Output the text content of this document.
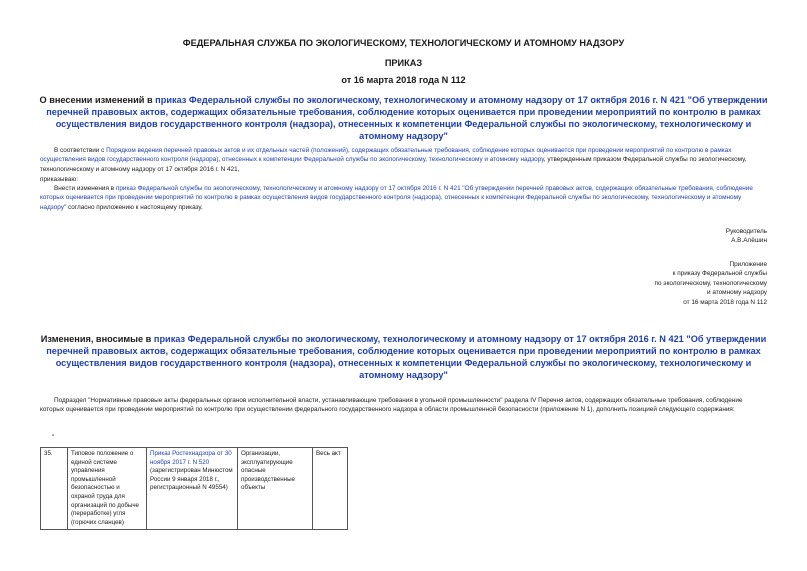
ФЕДЕРАЛЬНАЯ СЛУЖБА ПО ЭКОЛОГИЧЕСКОМУ, ТЕХНОЛОГИЧЕСКОМУ И АТОМНОМУ НАДЗОРУ
ПРИКАЗ
от 16 марта 2018 года N 112
О внесении изменений в приказ Федеральной службы по экологическому, технологическому и атомному надзору от 17 октября 2016 г. N 421 "Об утверждении перечней правовых актов, содержащих обязательные требования, соблюдение которых оценивается при проведении мероприятий по контролю в рамках осуществления видов государственного контроля (надзора), отнесенных к компетенции Федеральной службы по экологическому, технологическому и атомному надзору"
В соответствии с Порядком ведения перечней правовых актов и их отдельных частей (положений), содержащих обязательные требования, соблюдение которых оценивается при проведении мероприятий по контролю в рамках осуществления видов государственного контроля (надзора), отнесенных к компетенции Федеральной службы по экологическому, технологическому и атомному надзору, утвержденным приказом Федеральной службы по экологическому, технологическому и атомному надзору от 17 октября 2016 г. N 421,
приказываю:
Внести изменения в приказ Федеральной службы по экологическому, технологическому и атомному надзору от 17 октября 2016 г. N 421 "Об утверждении перечней правовых актов, содержащих обязательные требования, соблюдение которых оценивается при проведении мероприятий по контролю в рамках осуществления видов государственного контроля (надзора), отнесенных к компетенции Федеральной службы по экологическому, технологическому и атомному надзору" согласно приложению к настоящему приказу.
Руководитель
А.В.Алёшин
Приложение
к приказу Федеральной службы
по экологическому, технологическому
и атомному надзору
от 16 марта 2018 года N 112
Изменения, вносимые в приказ Федеральной службы по экологическому, технологическому и атомному надзору от 17 октября 2016 г. N 421 "Об утверждении перечней правовых актов, содержащих обязательные требования, соблюдение которых оценивается при проведении мероприятий по контролю в рамках осуществления видов государственного контроля (надзора), отнесенных к компетенции Федеральной службы по экологическому, технологическому и атомному надзору"
Подраздел "Нормативные правовые акты федеральных органов исполнительной власти, устанавливающие требования в угольной промышленности" раздела IV Перечня актов, содержащих обязательные требования, соблюдение которых оценивается при проведении мероприятий по контролю при осуществлении федерального государственного надзора в области промышленной безопасности (приложение N 1), дополнить позицией следующего содержания:
"
35.	Типовое положение о единой системе управления промышленной безопасностью и охраной труда для организаций по добыче (переработке) угля (горючих сланцев)	Приказ Ростехнадзора от 30 ноября 2017 г. N 520 (зарегистрирован Минюстом России 9 января 2018 г., регистрационный N 49554)	Организации, эксплуатирующие опасные производственные объекты	Весь акт
